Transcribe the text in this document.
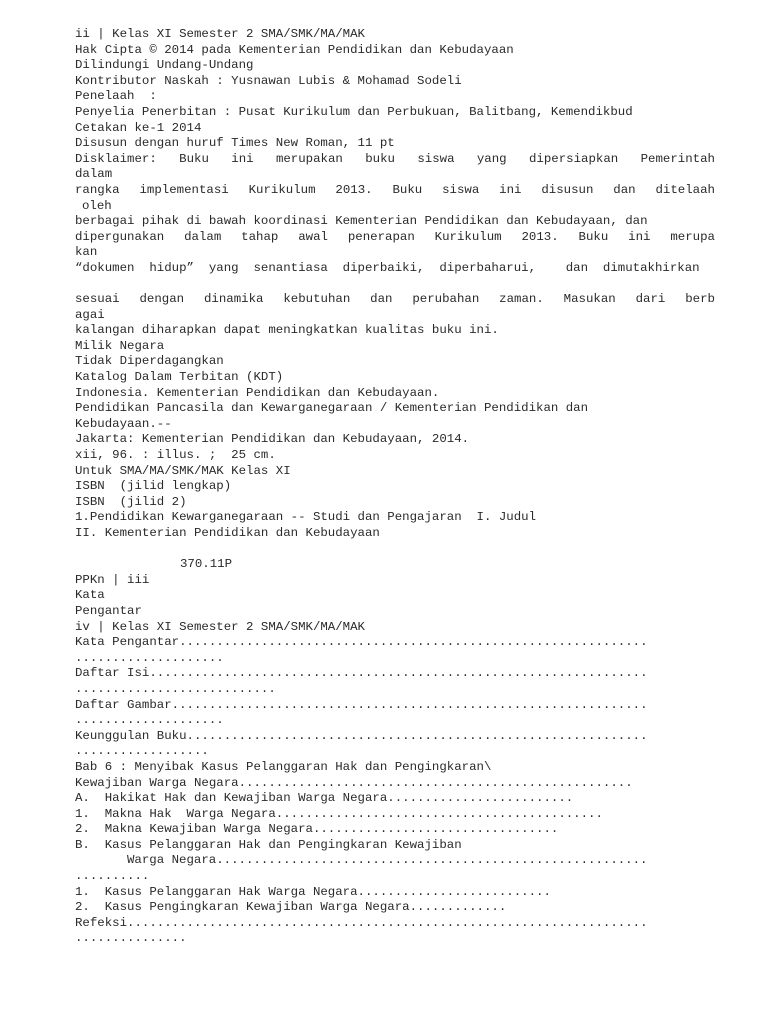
ii | Kelas XI Semester 2 SMA/SMK/MA/MAK
Hak Cipta © 2014 pada Kementerian Pendidikan dan Kebudayaan
Dilindungi Undang-Undang
Kontributor Naskah : Yusnawan Lubis & Mohamad Sodeli
Penelaah  :
Penyelia Penerbitan : Pusat Kurikulum dan Perbukuan, Balitbang, Kemendikbud
Cetakan ke-1 2014
Disusun dengan huruf Times New Roman, 11 pt
Disklaimer: Buku ini merupakan buku siswa yang dipersiapkan Pemerintah
dalam
rangka implementasi Kurikulum 2013. Buku siswa ini disusun dan ditelaah
oleh
berbagai pihak di bawah koordinasi Kementerian Pendidikan dan Kebudayaan, dan
dipergunakan dalam tahap awal penerapan Kurikulum 2013. Buku ini merupa
kan
“dokumen  hidup”  yang  senantiasa  diperbaiki,  diperbaharui,    dan  dimutakhirkan
sesuai dengan dinamika kebutuhan dan perubahan zaman. Masukan dari berb
agai
kalangan diharapkan dapat meningkatkan kualitas buku ini.
Milik Negara
Tidak Diperdagangkan
Katalog Dalam Terbitan (KDT)
Indonesia. Kementerian Pendidikan dan Kebudayaan.
Pendidikan Pancasila dan Kewarganegaraan / Kementerian Pendidikan dan
Kebudayaan.--
Jakarta: Kementerian Pendidikan dan Kebudayaan, 2014.
xii, 96. : illus. ;  25 cm.
Untuk SMA/MA/SMK/MAK Kelas XI
ISBN  (jilid lengkap)
ISBN  (jilid 2)
1.Pendidikan Kewarganegaraan -- Studi dan Pengajaran  I. Judul
II. Kementerian Pendidikan dan Kebudayaan
370.11P
PPKn | iii
Kata
Pengantar
iv | Kelas XI Semester 2 SMA/SMK/MA/MAK
Kata Pengantar...............................................................
....................
Daftar Isi...................................................................
...........................
Daftar Gambar................................................................
....................
Keunggulan Buku..............................................................
..................
Bab 6 : Menyibak Kasus Pelanggaran Hak dan Pengingkaran\
Kewajiban Warga Negara.....................................................
A.  Hakikat Hak dan Kewajiban Warga Negara.........................
1.  Makna Hak  Warga Negara............................................
2.  Makna Kewajiban Warga Negara.................................
B.  Kasus Pelanggaran Hak dan Pengingkaran Kewajiban
Warga Negara..........................................................
..........
1.  Kasus Pelanggaran Hak Warga Negara..........................
2.  Kasus Pengingkaran Kewajiban Warga Negara.............
Refeksi......................................................................
...............
